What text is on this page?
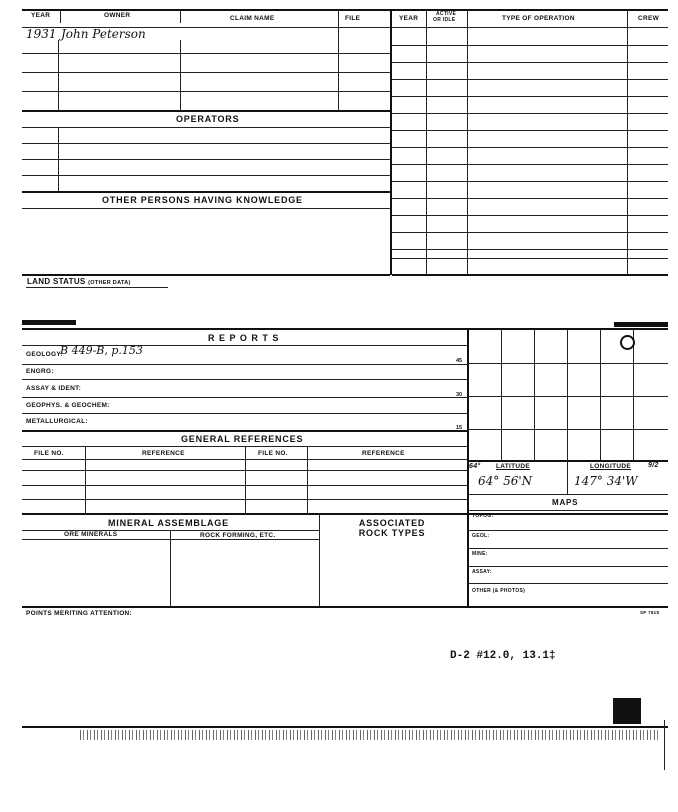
YEAR	OWNER	CLAIM NAME	FILE	YEAR
ACTIVE
OR IDLE	TYPE OF OPERATION	CREW
1931 John Peterson
OPERATORS
OTHER PERSONS HAVING KNOWLEDGE
LAND STATUS (OTHER DATA)
R E P O R T S
GEOLOGY:
B 449-B, p.153
45
ENGRG:
ASSAY & IDENT:
30
GEOPHYS. & GEOCHEM:
METALLURGICAL:
15
GENERAL REFERENCES
FILE NO.	REFERENCE	FILE NO.	REFERENCE
MINERAL ASSEMBLAGE	ASSOCIATED ROCK TYPES
ORE MINERALS	ROCK FORMING, ETC.
64° LATITUDE	LONGITUDE 9/2
64° 56'N	147° 34'W
MAPS
TOPOG:
GEOL:
MINE:
ASSAY:
OTHER (& PHOTOS)
POINTS MERITING ATTENTION:	SP 7818
D-2 #12.0, 13.1‡
